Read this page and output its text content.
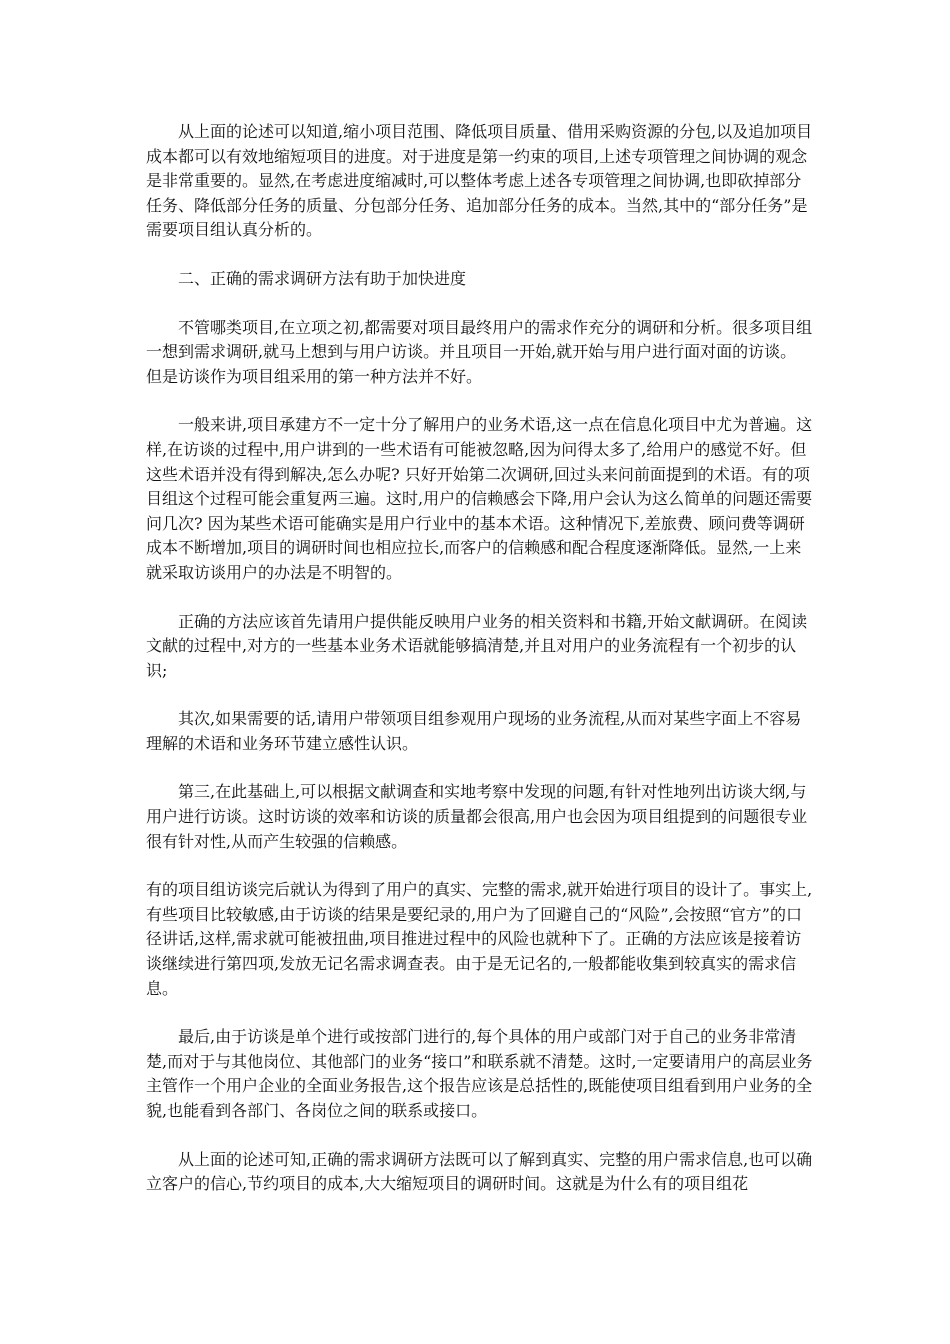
从上面的论述可以知道,缩小项目范围、降低项目质量、借用采购资源的分包,以及追加项目成本都可以有效地缩短项目的进度。对于进度是第一约束的项目,上述专项管理之间协调的观念是非常重要的。显然,在考虑进度缩减时,可以整体考虑上述各专项管理之间协调,也即砍掉部分任务、降低部分任务的质量、分包部分任务、追加部分任务的成本。当然,其中的“部分任务”是需要项目组认真分析的。

二、正确的需求调研方法有助于加快进度

不管哪类项目,在立项之初,都需要对项目最终用户的需求作充分的调研和分析。很多项目组一想到需求调研,就马上想到与用户访谈。并且项目一开始,就开始与用户进行面对面的访谈。 但是访谈作为项目组采用的第一种方法并不好。

一般来讲,项目承建方不一定十分了解用户的业务术语,这一点在信息化项目中尤为普遍。这样,在访谈的过程中,用户讲到的一些术语有可能被忽略,因为问得太多了,给用户的感觉不好。但这些术语并没有得到解决,怎么办呢? 只好开始第二次调研,回过头来问前面提到的术语。有的项目组这个过程可能会重复两三遍。这时,用户的信赖感会下降,用户会认为这么简单的问题还需要问几次? 因为某些术语可能确实是用户行业中的基本术语。这种情况下,差旅费、顾问费等调研成本不断增加,项目的调研时间也相应拉长,而客户的信赖感和配合程度逐渐降低。显然,一上来就采取访谈用户的办法是不明智的。

正确的方法应该首先请用户提供能反映用户业务的相关资料和书籍,开始文献调研。在阅读文献的过程中,对方的一些基本业务术语就能够搞清楚,并且对用户的业务流程有一个初步的认识;

其次,如果需要的话,请用户带领项目组参观用户现场的业务流程,从而对某些字面上不容易理解的术语和业务环节建立感性认识。

第三,在此基础上,可以根据文献调查和实地考察中发现的问题,有针对性地列出访谈大纲,与用户进行访谈。这时访谈的效率和访谈的质量都会很高,用户也会因为项目组提到的问题很专业很有针对性,从而产生较强的信赖感。

有的项目组访谈完后就认为得到了用户的真实、完整的需求,就开始进行项目的设计了。事实上,有些项目比较敏感,由于访谈的结果是要纪录的,用户为了回避自己的“风险”,会按照“官方”的口径讲话,这样,需求就可能被扭曲,项目推进过程中的风险也就种下了。正确的方法应该是接着访谈继续进行第四项,发放无记名需求调查表。由于是无记名的,一般都能收集到较真实的需求信息。

最后,由于访谈是单个进行或按部门进行的,每个具体的用户或部门对于自己的业务非常清楚,而对于与其他岗位、其他部门的业务“接口”和联系就不清楚。这时,一定要请用户的高层业务主管作一个用户企业的全面业务报告,这个报告应该是总括性的,既能使项目组看到用户业务的全貌,也能看到各部门、各岗位之间的联系或接口。

从上面的论述可知,正确的需求调研方法既可以了解到真实、完整的用户需求信息,也可以确立客户的信心,节约项目的成本,大大缩短项目的调研时间。这就是为什么有的项目组花
